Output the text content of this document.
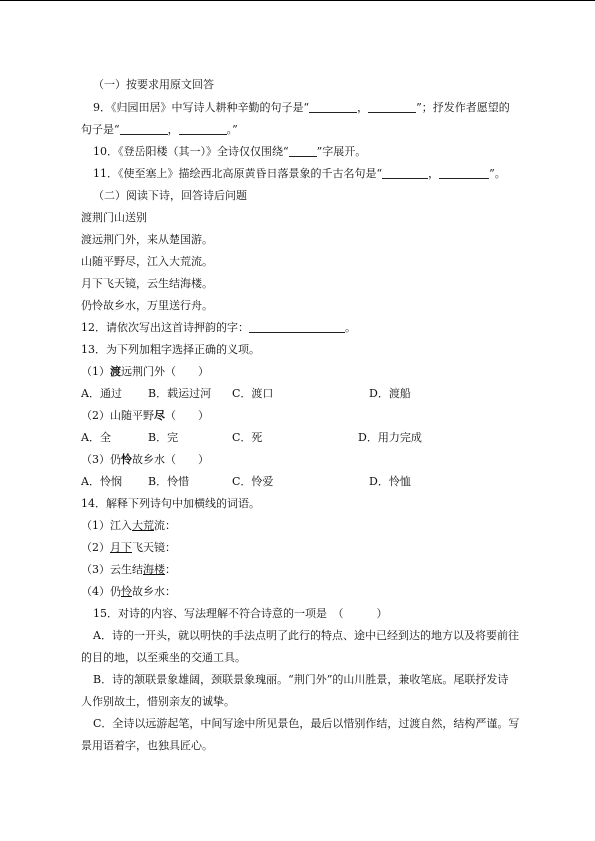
（一）按要求用原文回答
9．《归园田居》中写诗人耕种辛勤的句子是“	，	”；抒发作者愿望的
句子是“	，	。”
10．《登岳阳楼（其一）》全诗仅仅围绕“	”字展开。
11．《使至塞上》描绘西北高原黄昏日落景象的千古名句是“	，	”。
（二）阅读下诗，回答诗后问题
渡荆门山送别
渡远荆门外，来从楚国游。
山随平野尽，江入大荒流。
月下飞天镜，云生结海楼。
仍怜故乡水，万里送行舟。
12．请依次写出这首诗押韵的字：	。
13．为下列加粗字选择正确的义项。
（1）渡远荆门外（　　）
A．通过 B．载运过河 C．渡口	D．渡船
（2）山随平野尽（　　）
A．全	B．完	C．死	D．用力完成
（3）仍怜故乡水（　　）
A．怜悯 B．怜惜	C．怜爱	D．怜恤
14．解释下列诗句中加横线的词语。
（1）江入大荒流：
（2）月下飞天镜：
（3）云生结海楼：
（4）仍怜故乡水：
15．对诗的内容、写法理解不符合诗意的一项是　（　　　）
A．诗的一开头，就以明快的手法点明了此行的特点、途中已经到达的地方以及将要前往
的目的地，以至乘坐的交通工具。
B．诗的颔联景象雄阔，颈联景象瑰丽。“荆门外”的山川胜景，兼收笔底。尾联抒发诗
人作别故土，惜别亲友的诚挚。
C．全诗以远游起笔，中间写途中所见景色，最后以惜别作结，过渡自然，结构严谨。写
景用语着字，也独具匠心。
